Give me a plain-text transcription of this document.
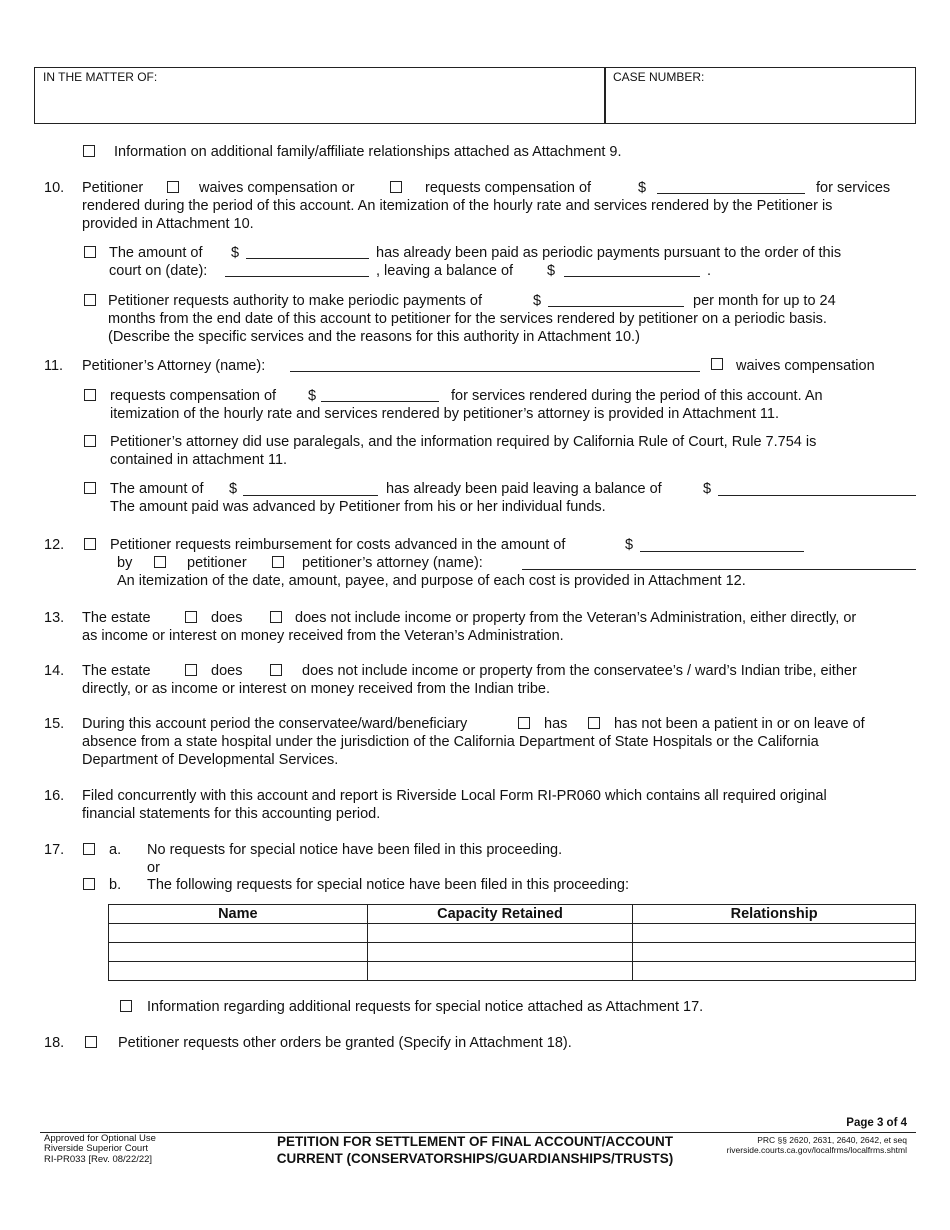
IN THE MATTER OF:	CASE NUMBER:
Information on additional family/affiliate relationships attached as Attachment 9.
10. Petitioner	waives compensation or	requests compensation of	$	for services
rendered during the period of this account. An itemization of the hourly rate and services rendered by the Petitioner is
provided in Attachment 10.
The amount of $	has already been paid as periodic payments pursuant to the order of this
court on (date):	, leaving a balance of $	.
Petitioner requests authority to make periodic payments of	$	per month for up to 24
months from the end date of this account to petitioner for the services rendered by petitioner on a periodic basis.
(Describe the specific services and the reasons for this authority in Attachment 10.)
11. Petitioner’s Attorney (name):	waives compensation
requests compensation of $	for services rendered during the period of this account. An
itemization of the hourly rate and services rendered by petitioner’s attorney is provided in Attachment 11.
Petitioner’s attorney did use paralegals, and the information required by California Rule of Court, Rule 7.754 is
contained in attachment 11.
The amount of $	has already been paid leaving a balance of	$
The amount paid was advanced by Petitioner from his or her individual funds.
12.	Petitioner requests reimbursement for costs advanced in the amount of	$
by	petitioner	petitioner’s attorney (name):
An itemization of the date, amount, payee, and purpose of each cost is provided in Attachment 12.
13. The estate	does	does not include income or property from the Veteran’s Administration, either directly, or
as income or interest on money received from the Veteran’s Administration.
14. The estate	does	does not include income or property from the conservatee’s / ward’s Indian tribe, either
directly, or as income or interest on money received from the Indian tribe.
15. During this account period the conservatee/ward/beneficiary	has	has not been a patient in or on leave of
absence from a state hospital under the jurisdiction of the California Department of State Hospitals or the California
Department of Developmental Services.
16. Filed concurrently with this account and report is Riverside Local Form RI-PR060 which contains all required original
financial statements for this accounting period.
17.	a. No requests for special notice have been filed in this proceeding.
or
b. The following requests for special notice have been filed in this proceeding:
Name	Capacity Retained	Relationship

Information regarding additional requests for special notice attached as Attachment 17.
18.	Petitioner requests other orders be granted (Specify in Attachment 18).
Page 3 of 4
Approved for Optional Use
Riverside Superior Court
RI-PR033 [Rev. 08/22/22]
PETITION FOR SETTLEMENT OF FINAL ACCOUNT/ACCOUNT
CURRENT (CONSERVATORSHIPS/GUARDIANSHIPS/TRUSTS)
PRC §§ 2620, 2631, 2640, 2642, et seq
riverside.courts.ca.gov/localfrms/localfrms.shtml
